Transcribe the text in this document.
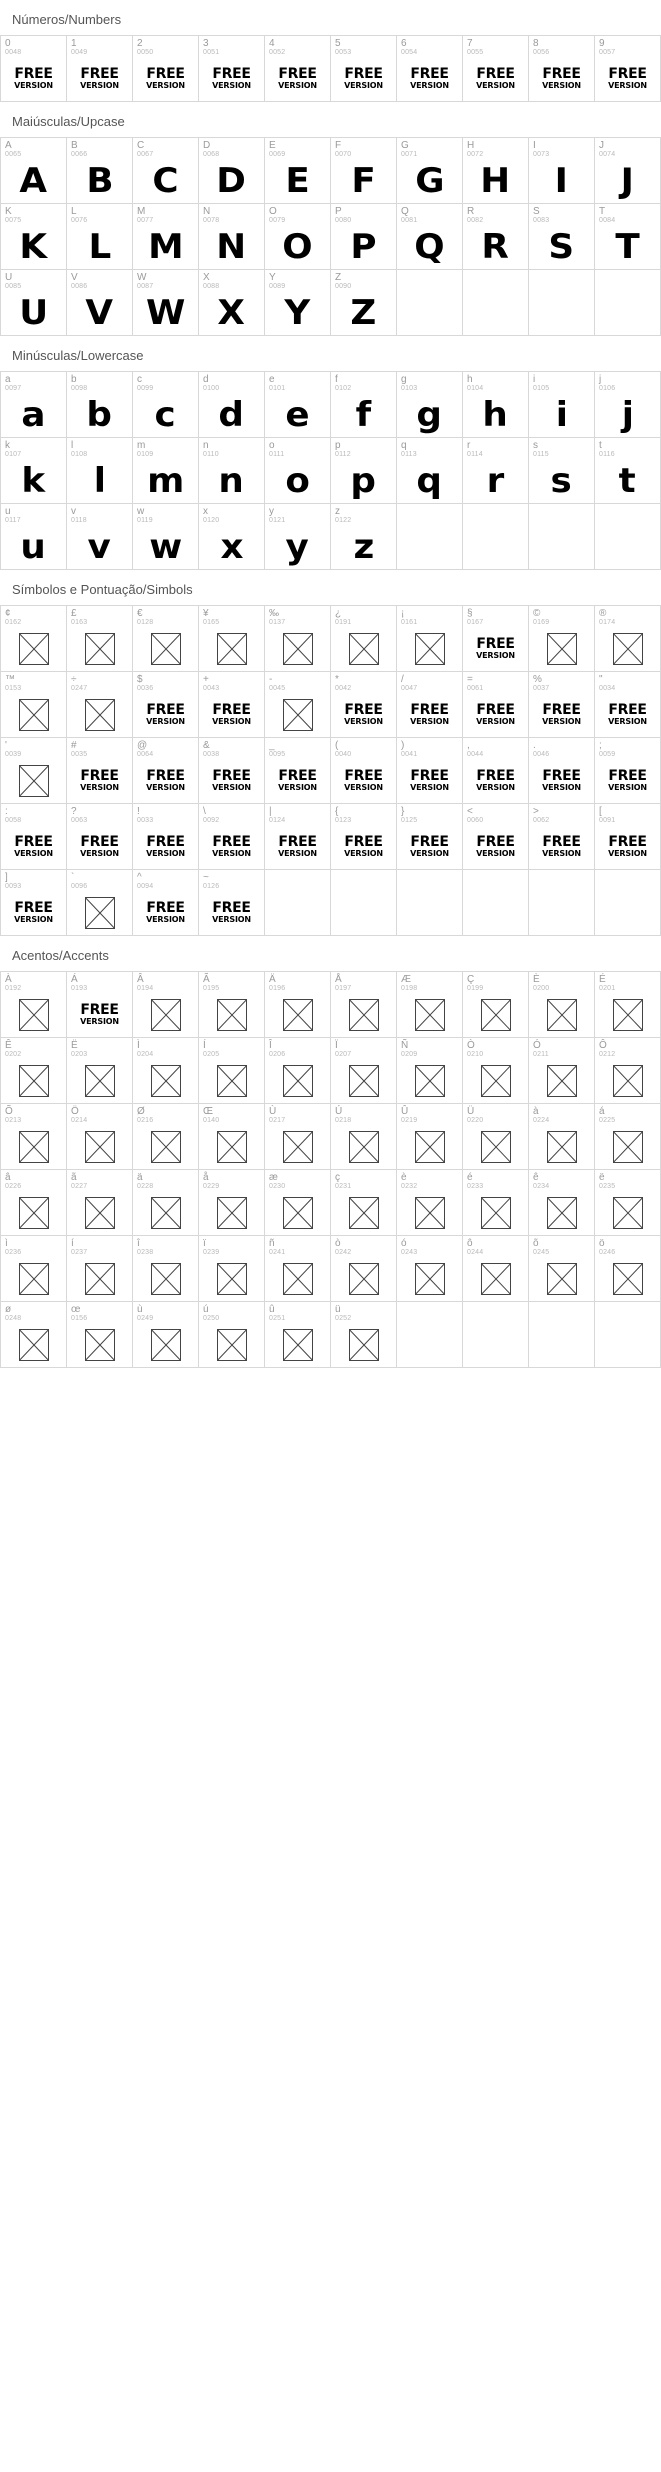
Números/Numbers
0
0048
FREE
VERSION
1
0049
FREE
VERSION
2
0050
FREE
VERSION
3
0051
FREE
VERSION
4
0052
FREE
VERSION
5
0053
FREE
VERSION
6
0054
FREE
VERSION
7
0055
FREE
VERSION
8
0056
FREE
VERSION
9
0057
FREE
VERSION
Maiúsculas/Upcase
A
0065
A
B
0066
B
C
0067
C
D
0068
D
E
0069
E
F
0070
F
G
0071
G
H
0072
H
I
0073
I
J
0074
J
K
0075
K
L
0076
L
M
0077
M
N
0078
N
O
0079
O
P
0080
P
Q
0081
Q
R
0082
R
S
0083
S
T
0084
T
U
0085
U
V
0086
V
W
0087
W
X
0088
X
Y
0089
Y
Z
0090
Z
Minúsculas/Lowercase
a
0097
a
b
0098
b
c
0099
c
d
0100
d
e
0101
e
f
0102
f
g
0103
g
h
0104
h
i
0105
i
j
0106
j
k
0107
k
l
0108
l
m
0109
m
n
0110
n
o
0111
o
p
0112
p
q
0113
q
r
0114
r
s
0115
s
t
0116
t
u
0117
u
v
0118
v
w
0119
w
x
0120
x
y
0121
y
z
0122
z
Símbolos e Pontuação/Simbols
¢
0162
£
0163
€
0128
¥
0165
‰
0137
¿
0191
¡
0161
§
0167
FREE
VERSION
©
0169
®
0174
™
0153
÷
0247
$
0036
FREE
VERSION
+
0043
FREE
VERSION
-
0045
*
0042
FREE
VERSION
/
0047
FREE
VERSION
=
0061
FREE
VERSION
%
0037
FREE
VERSION
"
0034
FREE
VERSION
'
0039
#
0035
FREE
VERSION
@
0064
FREE
VERSION
&
0038
FREE
VERSION
_
0095
FREE
VERSION
(
0040
FREE
VERSION
)
0041
FREE
VERSION
,
0044
FREE
VERSION
.
0046
FREE
VERSION
;
0059
FREE
VERSION
:
0058
FREE
VERSION
?
0063
FREE
VERSION
!
0033
FREE
VERSION
\
0092
FREE
VERSION
|
0124
FREE
VERSION
{
0123
FREE
VERSION
}
0125
FREE
VERSION
<
0060
FREE
VERSION
>
0062
FREE
VERSION
[
0091
FREE
VERSION
]
0093
FREE
VERSION
`
0096
^
0094
FREE
VERSION
~
0126
FREE
VERSION
Acentos/Accents
À
0192
Á
0193
FREE
VERSION
Â
0194
Ã
0195
Ä
0196
Å
0197
Æ
0198
Ç
0199
È
0200
É
0201
Ê
0202
Ë
0203
Ì
0204
Í
0205
Î
0206
Ï
0207
Ñ
0209
Ò
0210
Ó
0211
Ô
0212
Õ
0213
Ö
0214
Ø
0216
Œ
0140
Ù
0217
Ú
0218
Û
0219
Ü
0220
à
0224
á
0225
â
0226
ã
0227
ä
0228
å
0229
æ
0230
ç
0231
è
0232
é
0233
ê
0234
ë
0235
ì
0236
í
0237
î
0238
ï
0239
ñ
0241
ò
0242
ó
0243
ô
0244
õ
0245
ö
0246
ø
0248
œ
0156
ù
0249
ú
0250
û
0251
ü
0252
